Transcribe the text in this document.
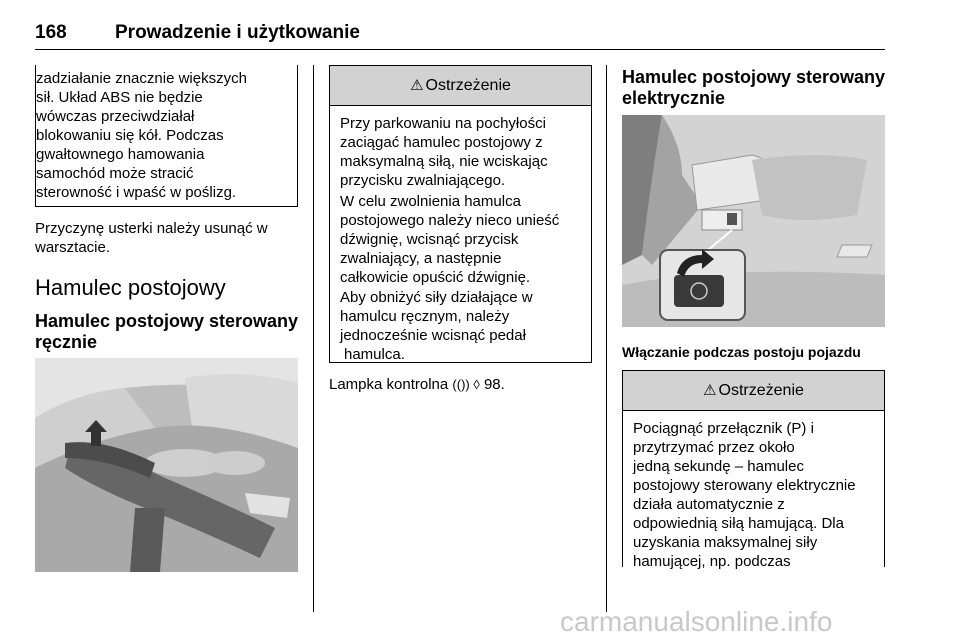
168	Prowadzenie i użytkowanie
zadziałanie znacznie większych
sił. Układ ABS nie będzie
wówczas przeciwdziałał
blokowaniu się kół. Podczas
gwałtownego hamowania
samochód może stracić
sterowność i wpaść w poślizg.
Przyczynę usterki należy usunąć w
warsztacie.
Hamulec postojowy
Hamulec postojowy sterowany
ręcznie
⚠ Ostrzeżenie
Przy parkowaniu na pochyłości
zaciągać hamulec postojowy z
maksymalną siłą, nie wciskając
przycisku zwalniającego.
W celu zwolnienia hamulca
postojowego należy nieco unieść
dźwignię, wcisnąć przycisk
zwalniający, a następnie
całkowicie opuścić dźwignię.
Aby obniżyć siły działające w
hamulcu ręcznym, należy
jednocześnie wcisnąć pedał
hamulca.
Lampka kontrolna (()) ◊ 98.
Hamulec postojowy sterowany
elektrycznie
Włączanie podczas postoju pojazdu
⚠ Ostrzeżenie
Pociągnąć przełącznik (P) i
przytrzymać przez około
jedną sekundę – hamulec
postojowy sterowany elektrycznie
działa automatycznie z
odpowiednią siłą hamującą. Dla
uzyskania maksymalnej siły
hamującej, np. podczas
carmanualsonline.info
